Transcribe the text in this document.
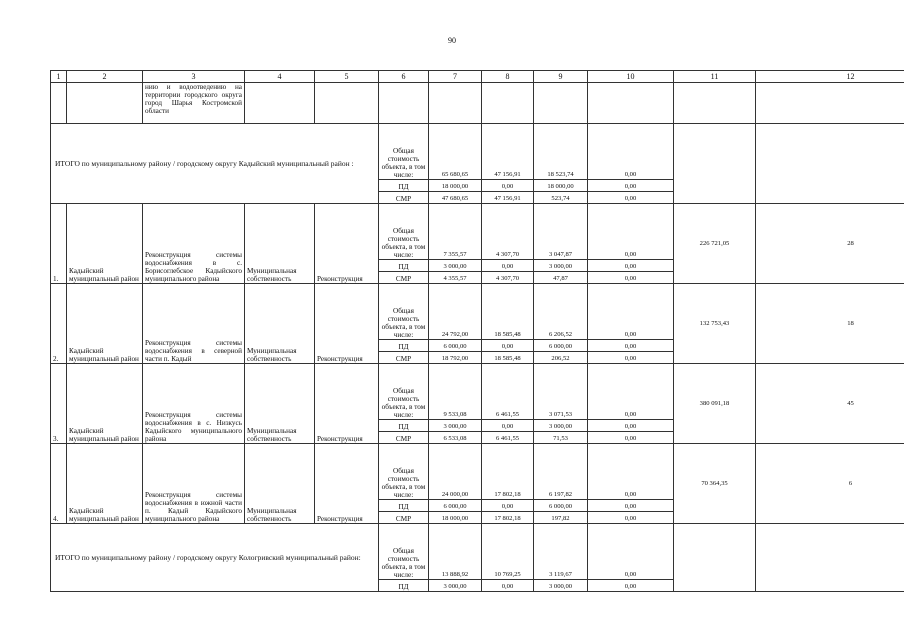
90
1	2	3	4	5	6	7	8	9	10	11	12
		нию и водоотведению на территории городского округа город Шарья Костромской области									
ИТОГО по муниципальному району / городскому округу Кадыйский муниципальный район :					Общая стоимость объекта, в том числе:	65 680,65	47 156,91	18 523,74	0,00		
					ПД	18 000,00	0,00	18 000,00	0,00		
					СМР	47 680,65	47 156,91	523,74	0,00		
1.	Кадыйский муниципальный район	Реконструкция системы водоснабжения в с. Борисоглебское Кадыйского муниципального района	Муниципальная собственность	Реконструкция	Общая стоимость объекта, в том числе:	7 355,57	4 307,70	3 047,87	0,00	226 721,05	28
					ПД	3 000,00	0,00	3 000,00	0,00		
					СМР	4 355,57	4 307,70	47,87	0,00		
2.	Кадыйский муниципальный район	Реконструкция системы водоснабжения в северной части п. Кадый	Муниципальная собственность	Реконструкция	Общая стоимость объекта, в том числе:	24 792,00	18 585,48	6 206,52	0,00	132 753,43	18
					ПД	6 000,00	0,00	6 000,00	0,00		
					СМР	18 792,00	18 585,48	206,52	0,00		
3.	Кадыйский муниципальный район	Реконструкция системы водоснабжения в с. Низкусь Кадыйского муниципального района	Муниципальная собственность	Реконструкция	Общая стоимость объекта, в том числе:	9 533,08	6 461,55	3 071,53	0,00	380 091,18	45
					ПД	3 000,00	0,00	3 000,00	0,00		
					СМР	6 533,08	6 461,55	71,53	0,00		
4.	Кадыйский муниципальный район	Реконструкция системы водоснабжения в южной части п. Кадый Кадыйского муниципального района	Муниципальная собственность	Реконструкция	Общая стоимость объекта, в том числе:	24 000,00	17 802,18	6 197,82	0,00	70 364,35	6
					ПД	6 000,00	0,00	6 000,00	0,00		
					СМР	18 000,00	17 802,18	197,82	0,00		
ИТОГО по муниципальному району / городскому округу Кологривский муниципальный район:					Общая стоимость объекта, в том числе:	13 888,92	10 769,25	3 119,67	0,00		
					ПД	3 000,00	0,00	3 000,00	0,00		
